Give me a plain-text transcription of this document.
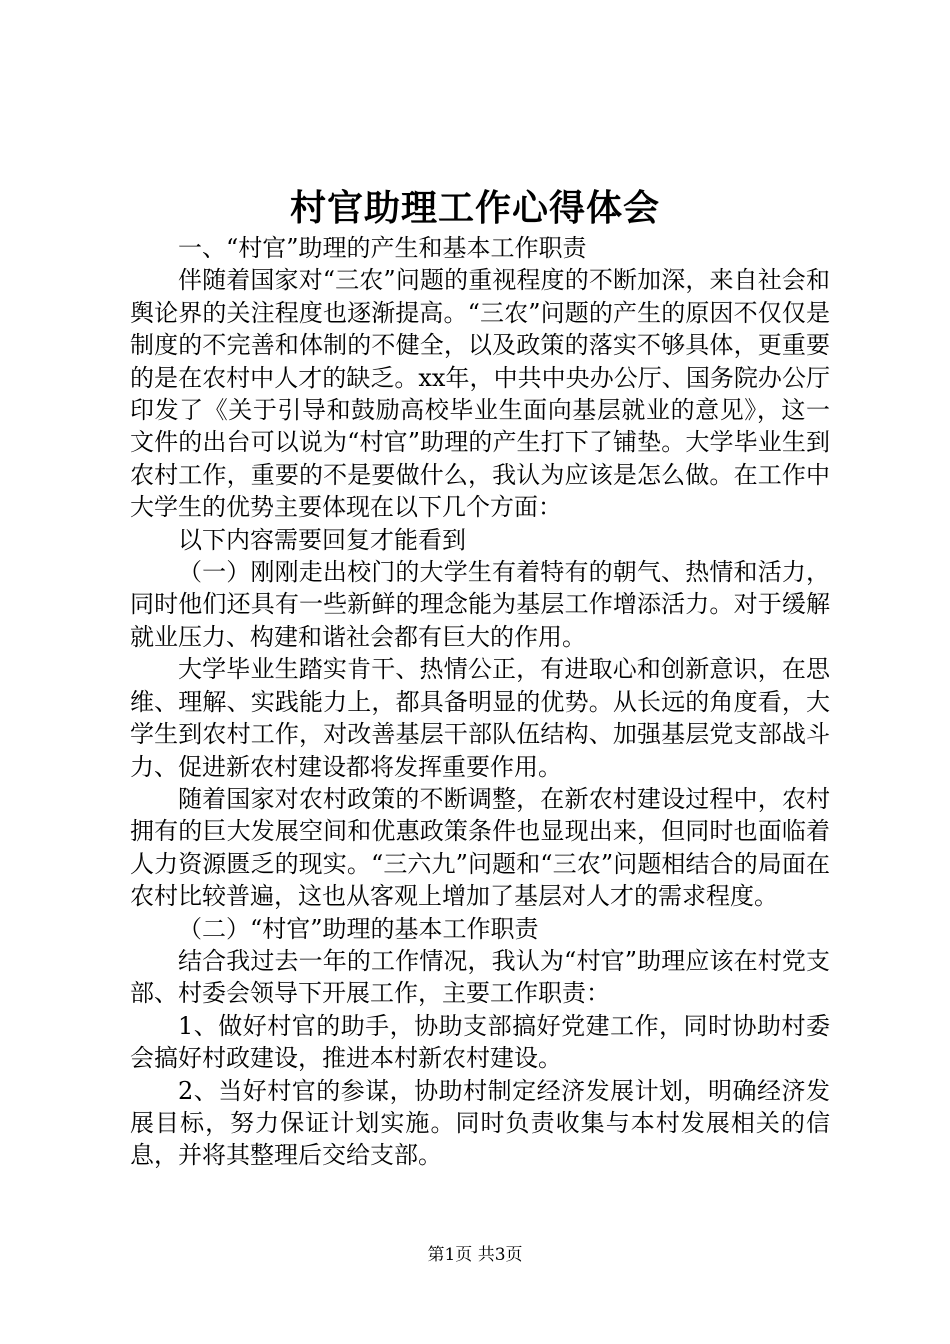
村官助理工作心得体会

一、“村官”助理的产生和基本工作职责

伴随着国家对“三农”问题的重视程度的不断加深，来自社会和舆论界的关注程度也逐渐提高。“三农”问题的产生的原因不仅仅是制度的不完善和体制的不健全，以及政策的落实不够具体，更重要的是在农村中人才的缺乏。xx年，中共中央办公厅、国务院办公厅印发了《关于引导和鼓励高校毕业生面向基层就业的意见》，这一文件的出台可以说为“村官”助理的产生打下了铺垫。大学毕业生到农村工作，重要的不是要做什么，我认为应该是怎么做。在工作中大学生的优势主要体现在以下几个方面：

以下内容需要回复才能看到

（一）刚刚走出校门的大学生有着特有的朝气、热情和活力，同时他们还具有一些新鲜的理念能为基层工作增添活力。对于缓解就业压力、构建和谐社会都有巨大的作用。

大学毕业生踏实肯干、热情公正，有进取心和创新意识，在思维、理解、实践能力上，都具备明显的优势。从长远的角度看，大学生到农村工作，对改善基层干部队伍结构、加强基层党支部战斗力、促进新农村建设都将发挥重要作用。

随着国家对农村政策的不断调整，在新农村建设过程中，农村拥有的巨大发展空间和优惠政策条件也显现出来，但同时也面临着人力资源匮乏的现实。“三六九”问题和“三农”问题相结合的局面在农村比较普遍，这也从客观上增加了基层对人才的需求程度。

（二）“村官”助理的基本工作职责

结合我过去一年的工作情况，我认为“村官”助理应该在村党支部、村委会领导下开展工作，主要工作职责：

1、做好村官的助手，协助支部搞好党建工作，同时协助村委会搞好村政建设，推进本村新农村建设。

2、当好村官的参谋，协助村制定经济发展计划，明确经济发展目标，努力保证计划实施。同时负责收集与本村发展相关的信息，并将其整理后交给支部。

第1页 共3页
